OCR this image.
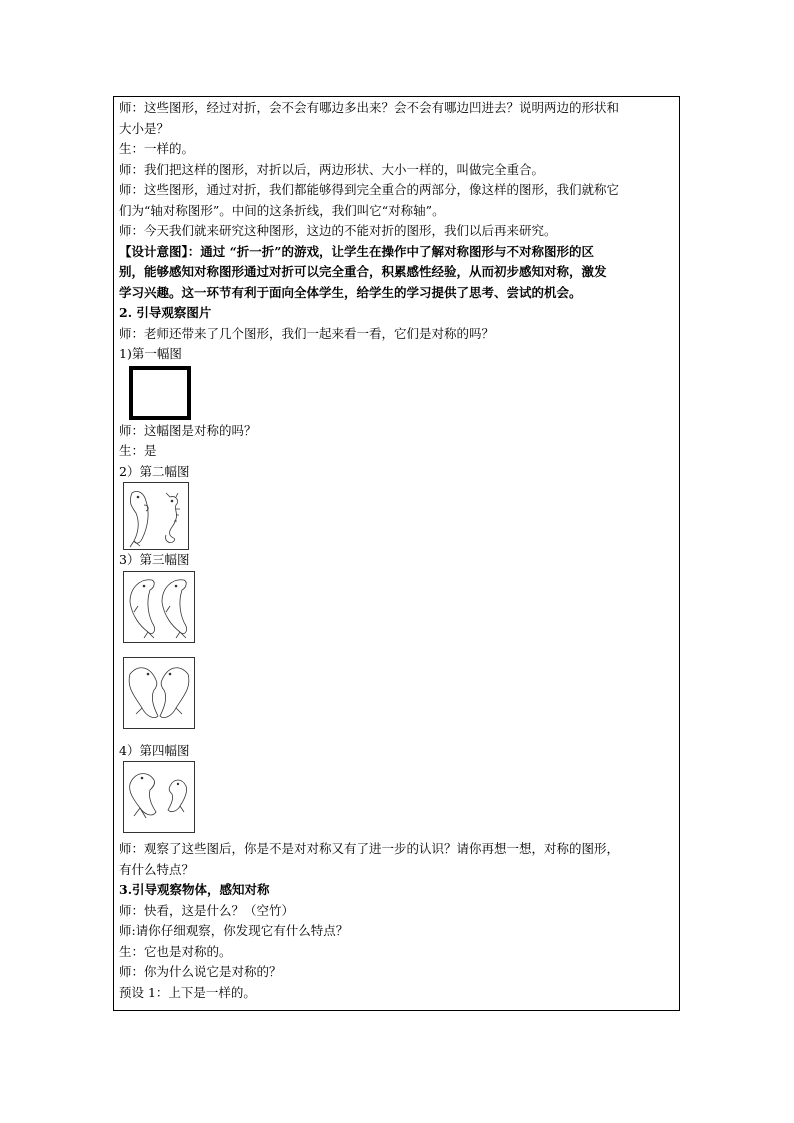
师：这些图形，经过对折，会不会有哪边多出来？会不会有哪边凹进去？说明两边的形状和

大小是？

生：一样的。

师：我们把这样的图形，对折以后，两边形状、大小一样的，叫做完全重合。

师：这些图形，通过对折，我们都能够得到完全重合的两部分，像这样的图形，我们就称它

们为“轴对称图形”。中间的这条折线，我们叫它“对称轴”。

师：今天我们就来研究这种图形，这边的不能对折的图形，我们以后再来研究。

【设计意图】：通过 “折一折”的游戏，让学生在操作中了解对称图形与不对称图形的区

别，能够感知对称图形通过对折可以完全重合，积累感性经验，从而初步感知对称，激发

学习兴趣。这一环节有利于面向全体学生，给学生的学习提供了思考、尝试的机会。

2. 引导观察图片

师：老师还带来了几个图形，我们一起来看一看，它们是对称的吗？

1)第一幅图

师：这幅图是对称的吗？

生：是

2）第二幅图

3）第三幅图

4）第四幅图

师：观察了这些图后，你是不是对对称又有了进一步的认识？请你再想一想，对称的图形，

有什么特点？

3.引导观察物体，感知对称

师：快看，这是什么？（空竹）

师:请你仔细观察，你发现它有什么特点？

生：它也是对称的。

师：你为什么说它是对称的？

预设 1：上下是一样的。
